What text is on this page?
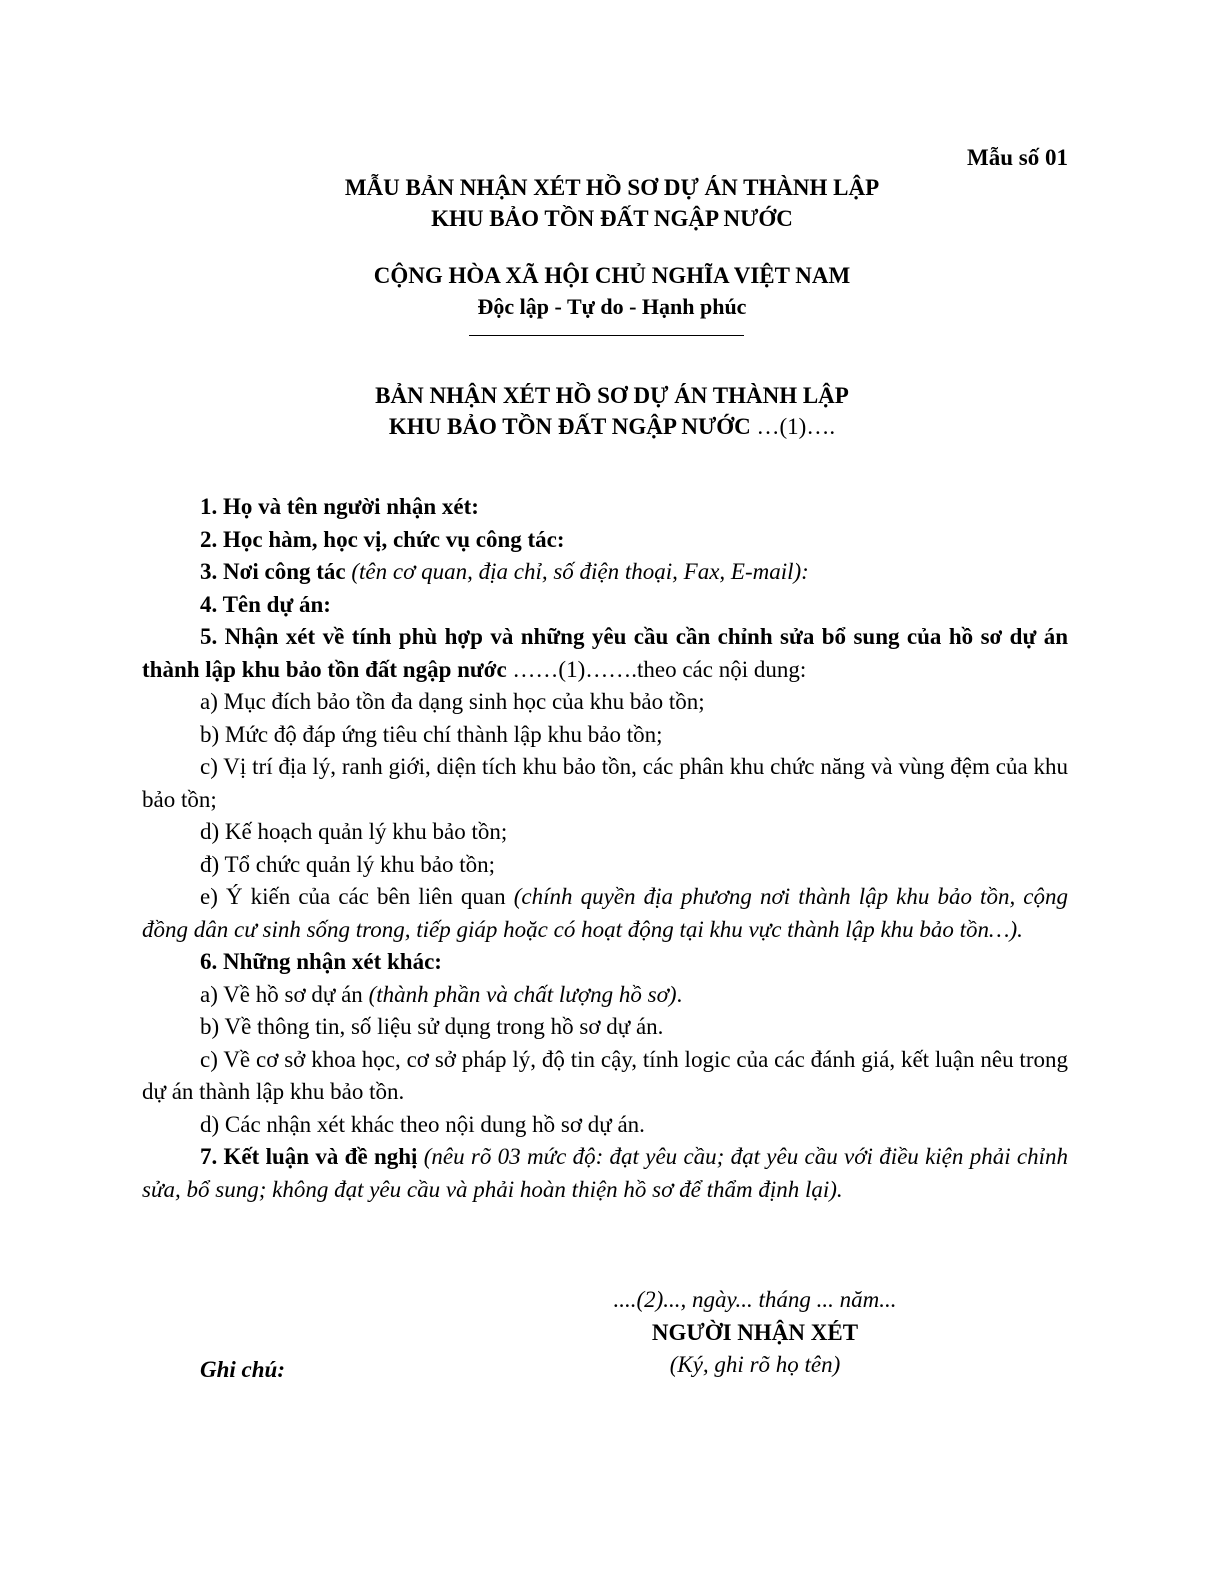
Mẫu số 01
MẪU BẢN NHẬN XÉT HỒ SƠ DỰ ÁN THÀNH LẬP
KHU BẢO TỒN ĐẤT NGẬP NƯỚC
CỘNG HÒA XÃ HỘI CHỦ NGHĨA VIỆT NAM
Độc lập - Tự do - Hạnh phúc
BẢN NHẬN XÉT HỒ SƠ DỰ ÁN THÀNH LẬP
KHU BẢO TỒN ĐẤT NGẬP NƯỚC …(1)….

1. Họ và tên người nhận xét:

2. Học hàm, học vị, chức vụ công tác:

3. Nơi công tác (tên cơ quan, địa chỉ, số điện thoại, Fax, E-mail):

4. Tên dự án:

5. Nhận xét về tính phù hợp và những yêu cầu cần chỉnh sửa bổ sung của hồ sơ dự án thành lập khu bảo tồn đất ngập nước ……(1)…….theo các nội dung:

a) Mục đích bảo tồn đa dạng sinh học của khu bảo tồn;

b) Mức độ đáp ứng tiêu chí thành lập khu bảo tồn;

c) Vị trí địa lý, ranh giới, diện tích khu bảo tồn, các phân khu chức năng và vùng đệm của khu bảo tồn;

d) Kế hoạch quản lý khu bảo tồn;

đ) Tổ chức quản lý khu bảo tồn;

e) Ý kiến của các bên liên quan (chính quyền địa phương nơi thành lập khu bảo tồn, cộng đồng dân cư sinh sống trong, tiếp giáp hoặc có hoạt động tại khu vực thành lập khu bảo tồn…).

6. Những nhận xét khác:

a) Về hồ sơ dự án (thành phần và chất lượng hồ sơ).

b) Về thông tin, số liệu sử dụng trong hồ sơ dự án.

c) Về cơ sở khoa học, cơ sở pháp lý, độ tin cậy, tính logic của các đánh giá, kết luận nêu trong dự án thành lập khu bảo tồn.

d) Các nhận xét khác theo nội dung hồ sơ dự án.

7. Kết luận và đề nghị (nêu rõ 03 mức độ: đạt yêu cầu; đạt yêu cầu với điều kiện phải chỉnh sửa, bổ sung; không đạt yêu cầu và phải hoàn thiện hồ sơ để thẩm định lại).

....(2)..., ngày... tháng ... năm...
NGƯỜI NHẬN XÉT
(Ký, ghi rõ họ tên)
Ghi chú:
